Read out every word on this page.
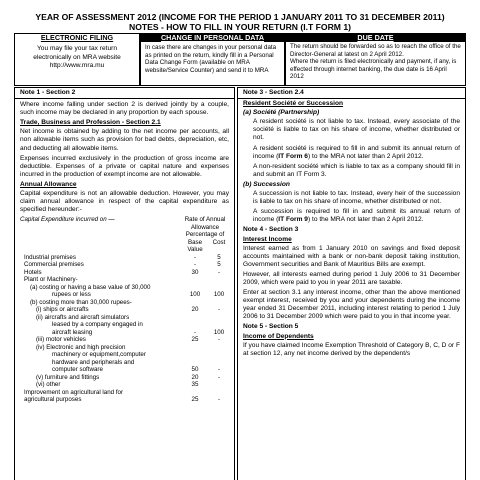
YEAR OF ASSESSMENT 2012 (INCOME FOR THE PERIOD 1 JANUARY 2011 TO 31 DECEMBER 2011)
NOTES - HOW TO FILL IN YOUR RETURN (I.T FORM 1)
ELECTRONIC FILING
You may file your tax return electronically on MRA website
http://www.mra.mu
CHANGE IN PERSONAL DATA
In case there are changes in your personal data as printed on the return, kindly fill in a Personal Data Change Form (available on MRA website/Service Counter) and send it to MRA
DUE DATE
The return should be forwarded so as to reach the office of the Director-General at latest on 2 April 2012.
Where the return is filed electronically and payment, if any, is effected through internet banking, the due date is 16 April 2012
Note 1 - Section 2

Where income falling under section 2 is derived jointly by a couple, such income may be declared in any proportion by each spouse.

Trade, Business and Profession - Section 2.1

Net income is obtained by adding to the net income per accounts, all non allowable items such as provision for bad debts, depreciation, etc, and deducting all allowable items.

Expenses incurred exclusively in the production of gross income are deductible. Expenses of a private or capital nature and expenses incurred in the production of exempt income are not allowable.

Annual Allowance

Capital expenditure is not an allowable deduction. However, you may claim annual allowance in respect of the capital expenditure as specified hereunder:-

Capital Expenditure incurred on —	Rate of Annual Allowance	
	Percentage of	
	Base Value	Cost
Industrial premises	-	5
Commercial premises	-	5
Hotels	30	-
Plant or Machinery-		
(a) costing or having a base value of 30,000		
rupees or less	100	100
(b) costing more than 30,000 rupees-		
(i) ships or aircrafts	20	-
(ii) aircrafts and aircraft simulators		
leased by a company engaged in		
aircraft leasing	-	100
(iii) motor vehicles	25	-
(iv) Electronic and high precision		
machinery or equipment,computer		
hardware and peripherals and		
computer software	50	-
(v) furniture and fittings	20	-
(vi) other	35	
Improvement on agricultural land for		
agricultural purposes	25	-
Note 3 - Section 2.4
Resident Société or Succession
(a) Société (Partnership)

A resident société is not liable to tax. Instead, every associate of the société is liable to tax on his share of income, whether distributed or not.

A resident société is required to fill in and submit its annual return of income (IT Form 6) to the MRA not later than 2 April 2012.

A non-resident société which is liable to tax as a company should fill in and submit an IT Form 3.

(b) Succession

A succession is not liable to tax. Instead, every heir of the succession is liable to tax on his share of income, whether distributed or not.

A succession is required to fill in and submit its annual return of income (IT Form 9) to the MRA not later than 2 April 2012.

Note 4 - Section 3
Interest Income

Interest earned as from 1 January 2010 on savings and fixed deposit accounts maintained with a bank or non-bank deposit taking institution, Government securities and Bank of Mauritius Bills are exempt.

However, all interests earned during period 1 July 2006 to 31 December 2009, which were paid to you in year 2011 are taxable.

Enter at section 3.1 any interest income, other than the above mentioned exempt interest, received by you and your dependents during the income year ended 31 December 2011, including interest relating to period 1 July 2006 to 31 December 2009 which were paid to you in that income year.

Note 5 - Section 5
Income of Dependents

If you have claimed Income Exemption Threshold of Category B, C, D or F at section 12, any net income derived by the dependent/s
